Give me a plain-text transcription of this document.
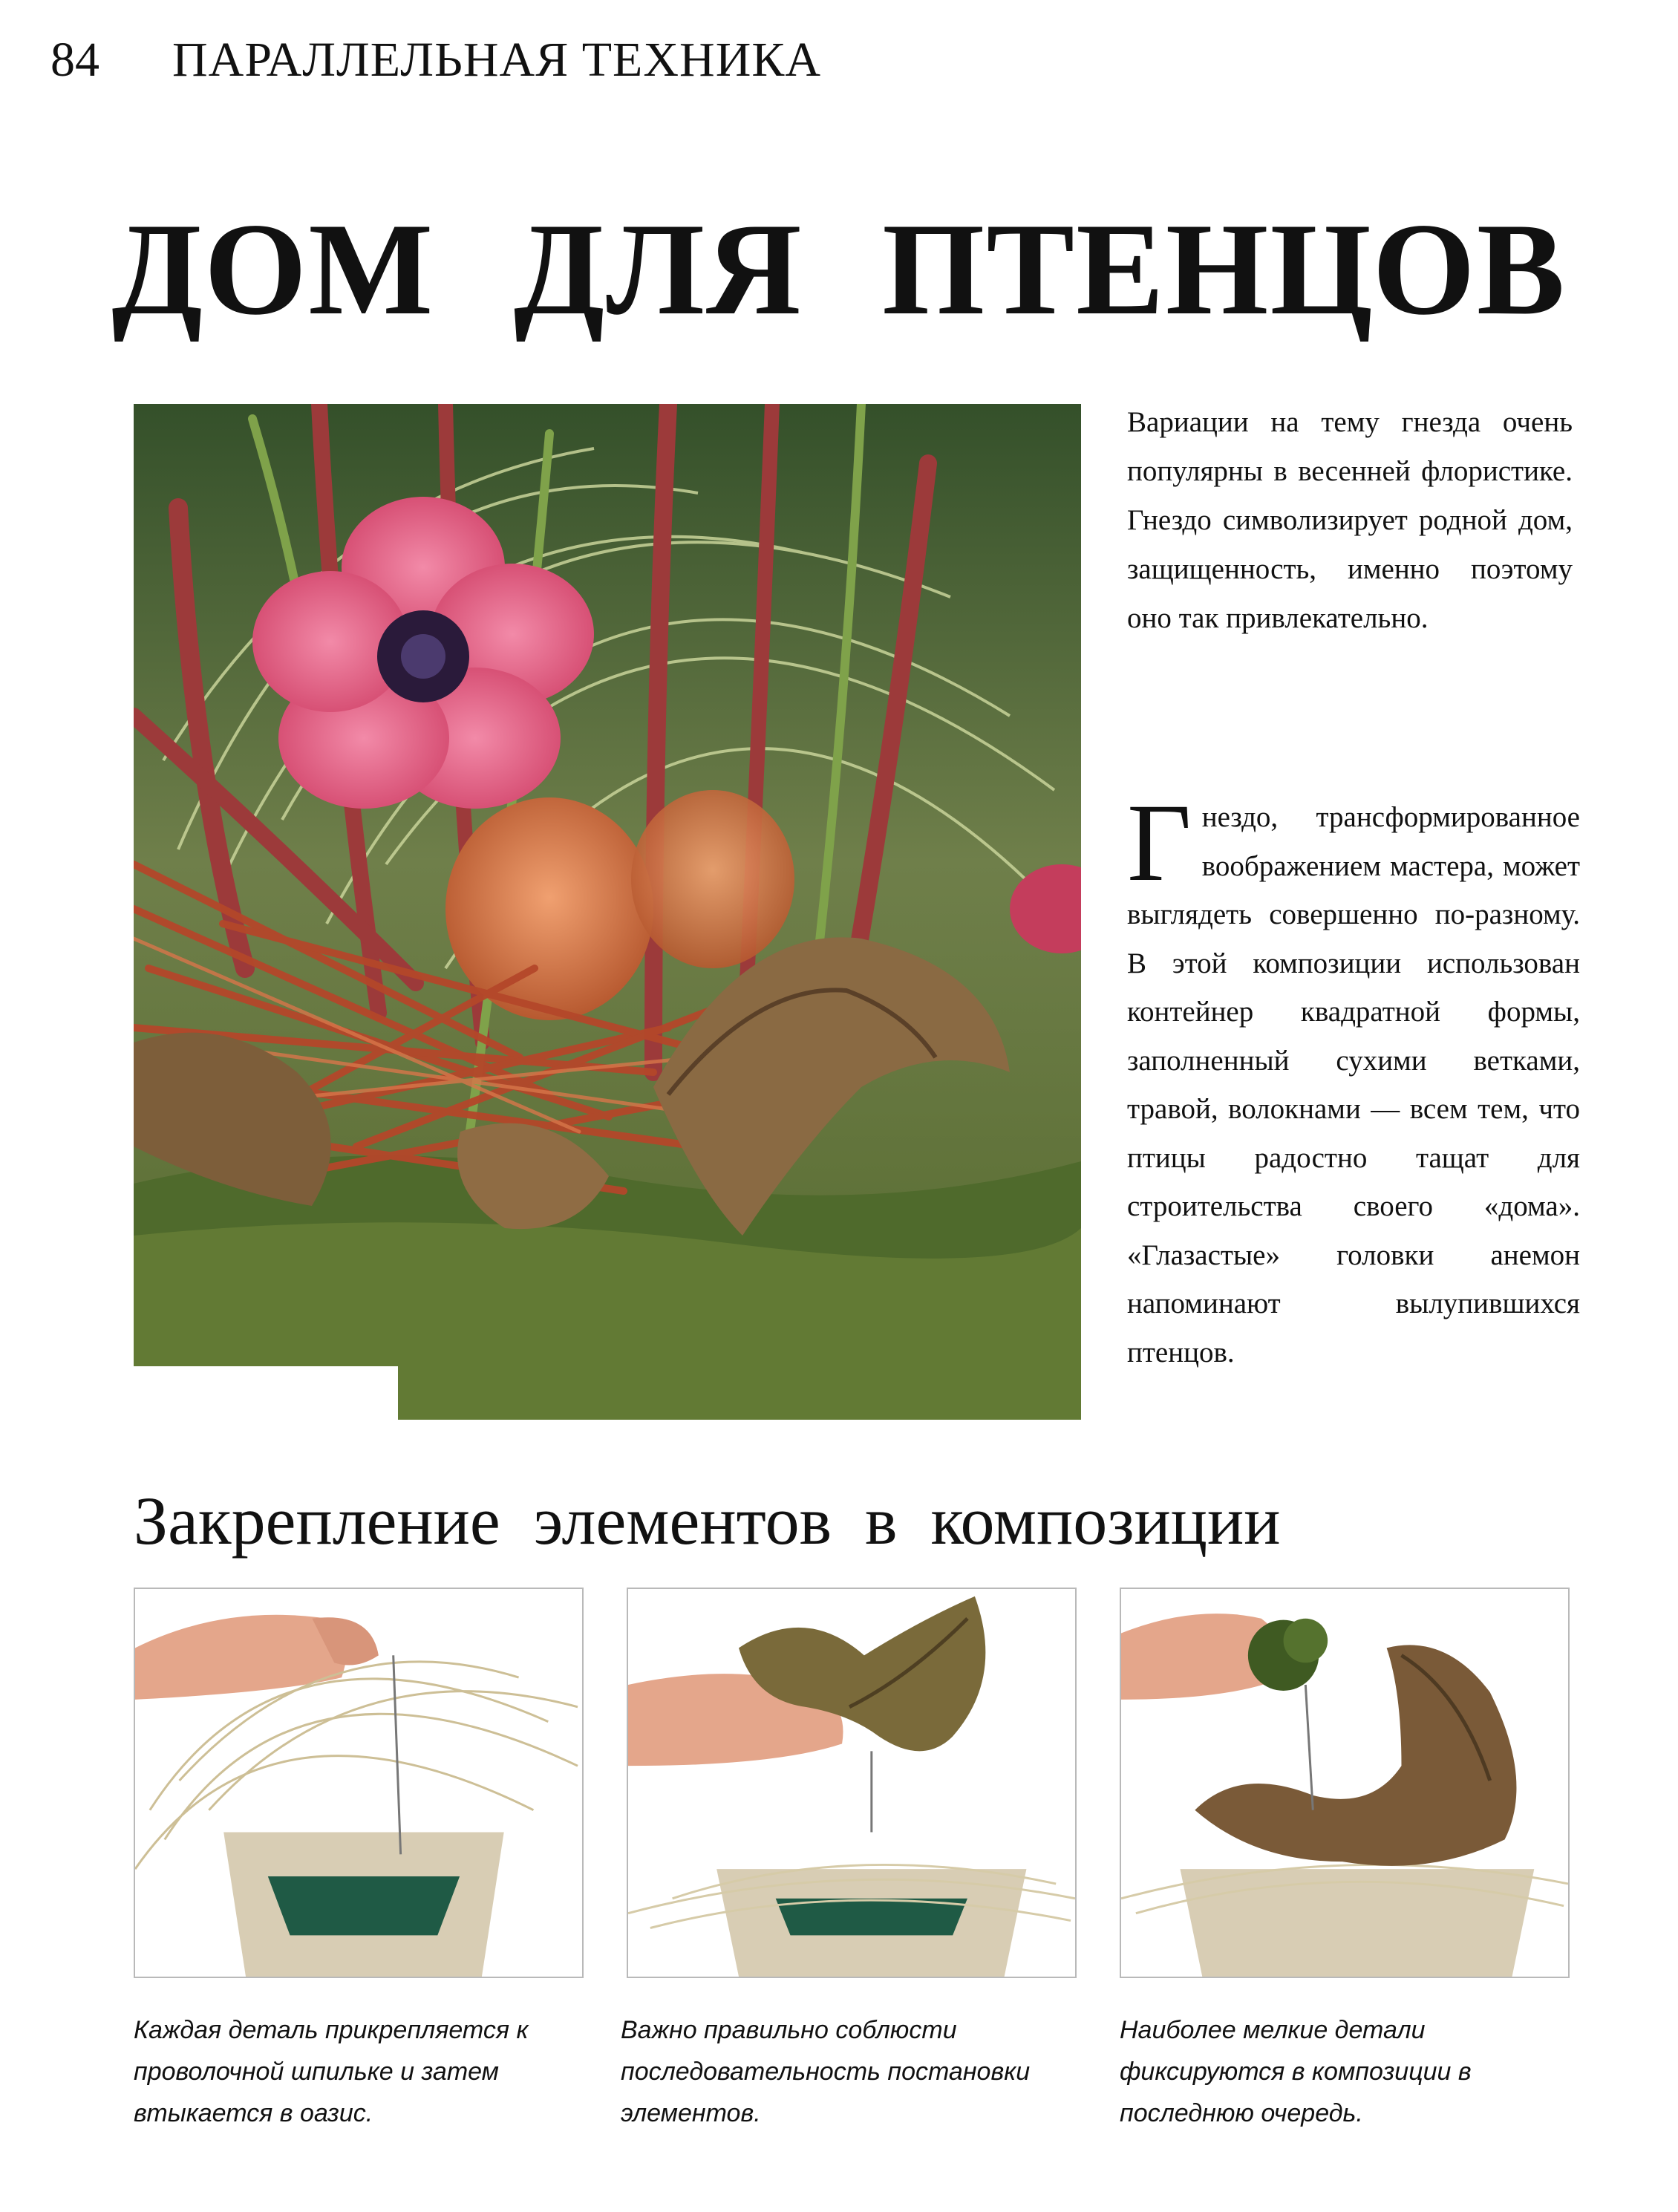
84 ПАРАЛЛЕЛЬНАЯ ТЕХНИКА
ДОМ ДЛЯ ПТЕНЦОВ
Вариации на тему гнезда очень популярны в весенней флористике. Гнездо символизирует родной дом, защищенность, именно поэтому оно так привлекательно.
Гнездо, трансформированное воображением мастера, может выглядеть совершенно по-разному. В этой композиции использован контейнер квадратной формы, заполненный сухими ветками, травой, волокнами — всем тем, что птицы радостно тащат для строительства своего «дома». «Глазастые» головки анемон напоминают вылупившихся птенцов.
Закрепление элементов в композиции
Каждая деталь прикрепляется к проволочной шпильке и затем втыкается в оазис.
Важно правильно соблюсти последовательность постановки элементов.
Наиболее мелкие детали фиксируются в композиции в последнюю очередь.
